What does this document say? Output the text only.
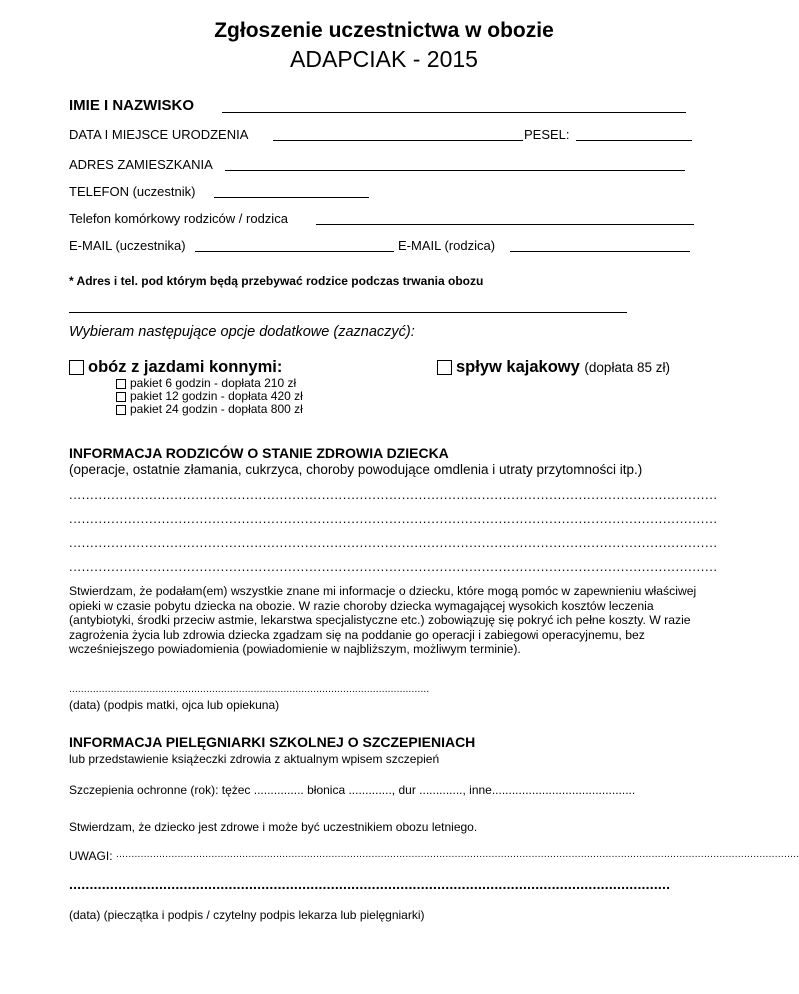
Zgłoszenie uczestnictwa w obozie
ADAPCIAK - 2015
IMIE I NAZWISKO
DATA I MIEJSCE URODZENIA	PESEL:
ADRES ZAMIESZKANIA
TELEFON (uczestnik)
Telefon komórkowy rodziców / rodzica
E-MAIL (uczestnika)	E-MAIL (rodzica)
* Adres i tel. pod którym będą przebywać rodzice podczas trwania obozu
Wybieram następujące opcje dodatkowe (zaznaczyć):
obóz z jazdami konnymi:	spływ kajakowy (dopłata 85 zł)
pakiet 6 godzin - dopłata 210 zł
pakiet 12 godzin - dopłata 420 zł
pakiet 24 godzin - dopłata 800 zł
INFORMACJA RODZICÓW O STANIE ZDROWIA DZIECKA
(operacje, ostatnie złamania, cukrzyca, choroby powodujące omdlenia i utraty przytomności itp.)
..........................................................................................................................................................
..........................................................................................................................................................
..........................................................................................................................................................
..........................................................................................................................................................
Stwierdzam, że podałam(em) wszystkie znane mi informacje o dziecku, które mogą pomóc w zapewnieniu właściwej opieki w czasie pobytu dziecka na obozie. W razie choroby dziecka wymagającej wysokich kosztów leczenia (antybiotyki, środki przeciw astmie, lekarstwa specjalistyczne etc.) zobowiązuję się pokryć ich pełne koszty. W razie zagrożenia życia lub zdrowia dziecka zgadzam się na poddanie go operacji i zabiegowi operacyjnemu, bez wcześniejszego powiadomienia (powiadomienie w najbliższym, możliwym terminie).
.........................................................................................................................
(data) (podpis matki, ojca lub opiekuna)
INFORMACJA PIELĘGNIARKI SZKOLNEJ O SZCZEPIENIACH
lub przedstawienie książeczki zdrowia z aktualnym wpisem szczepień
Szczepienia ochronne (rok): tężec ............... błonica ............., dur ............., inne...........................................
Stwierdzam, że dziecko jest zdrowe i może być uczestnikiem obozu letniego.
UWAGI: ..............................................................................................................................................................................................................................
...................................................................................................................................................
(data) (pieczątka i podpis / czytelny podpis lekarza lub pielęgniarki)
